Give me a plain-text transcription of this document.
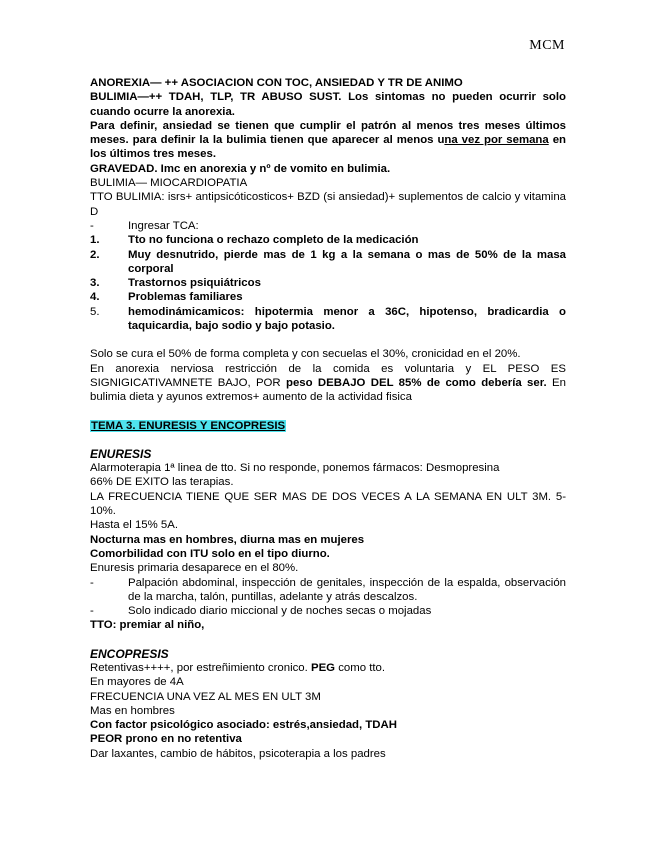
MCM
ANOREXIA— ++ ASOCIACION CON TOC, ANSIEDAD Y TR DE ANIMO
BULIMIA—++ TDAH, TLP, TR ABUSO SUST. Los sintomas no pueden ocurrir solo cuando ocurre la anorexia.
Para definir, ansiedad se tienen que cumplir el patrón al menos tres meses últimos meses. para definir la la bulimia tienen que aparecer al menos una vez por semana en los últimos tres meses.
GRAVEDAD. Imc en anorexia y nº de vomito en bulimia.
BULIMIA— MIOCARDIOPATIA
TTO BULIMIA: isrs+ antipsicóticosticos+ BZD (si ansiedad)+ suplementos de calcio y vitamina D
-	Ingresar TCA:
1.	Tto no funciona o rechazo completo de la medicación
2.	Muy desnutrido, pierde mas de 1 kg a la semana o mas de 50% de la masa corporal
3.	Trastornos psiquiátricos
4.	Problemas familiares
5.	hemodinámicamicos: hipotermia menor a 36C, hipotenso, bradicardia o taquicardia, bajo sodio y bajo potasio.
Solo se cura el 50% de forma completa y con secuelas el 30%, cronicidad en el 20%.
En anorexia nerviosa restricción de la comida es voluntaria y EL PESO ES SIGNIGICATIVAMNETE BAJO, POR peso DEBAJO DEL 85% de como debería ser. En bulimia dieta y ayunos extremos+ aumento de la actividad fisica
TEMA 3. ENURESIS Y ENCOPRESIS
ENURESIS
Alarmoterapia 1ª linea de tto. Si no responde, ponemos fármacos: Desmopresina
66% DE EXITO las terapias.
LA FRECUENCIA TIENE QUE SER MAS DE DOS VECES A LA SEMANA EN ULT 3M. 5-10%.
Hasta el 15% 5A.
Nocturna mas en hombres, diurna mas en mujeres
Comorbilidad con ITU solo en el tipo diurno.
Enuresis primaria desaparece en el 80%.
-	Palpación abdominal, inspección de genitales, inspección de la espalda, observación de la marcha, talón, puntillas, adelante y atrás descalzos.
-	Solo indicado diario miccional y de noches secas o mojadas
TTO: premiar al niño,
ENCOPRESIS
Retentivas++++, por estreñimiento cronico. PEG como tto.
En mayores de 4A
FRECUENCIA UNA VEZ AL MES EN ULT 3M
Mas en hombres
Con factor psicológico asociado: estrés,ansiedad, TDAH
PEOR prono en no retentiva
Dar laxantes, cambio de hábitos, psicoterapia a los padres
